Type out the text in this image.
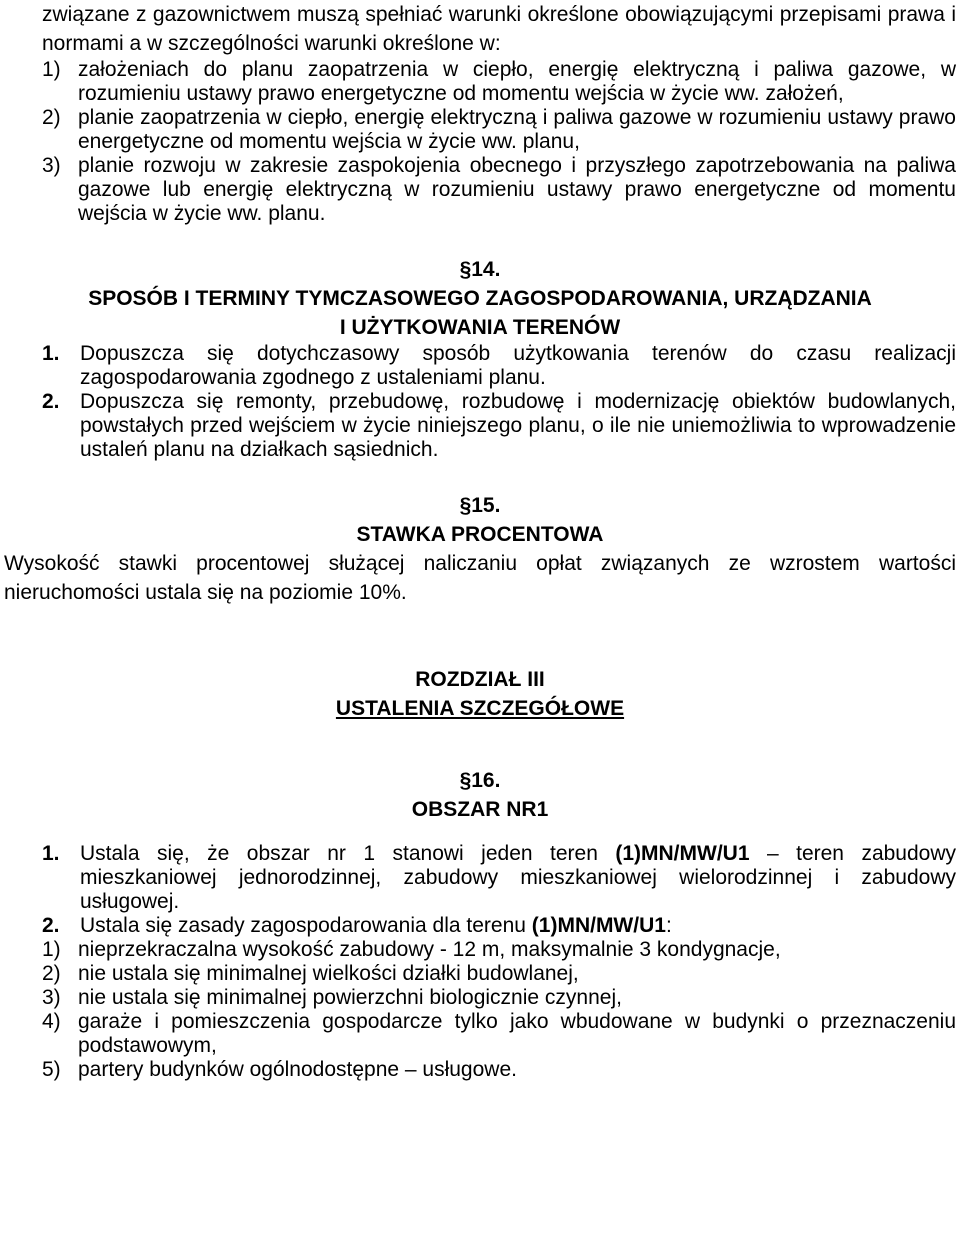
związane z gazownictwem muszą spełniać warunki określone obowiązującymi przepisami prawa i normami a w szczególności warunki określone w:

1) założeniach do planu zaopatrzenia w ciepło, energię elektryczną i paliwa gazowe, w rozumieniu ustawy prawo energetyczne od momentu wejścia w życie ww. założeń,
2) planie zaopatrzenia w ciepło, energię elektryczną i paliwa gazowe w rozumieniu ustawy prawo energetyczne od momentu wejścia w życie ww. planu,
3) planie rozwoju w zakresie zaspokojenia obecnego i przyszłego zapotrzebowania na paliwa gazowe lub energię elektryczną w rozumieniu ustawy prawo energetyczne od momentu wejścia w życie ww. planu.

§14.

SPOSÓB I TERMINY TYMCZASOWEGO ZAGOSPODAROWANIA, URZĄDZANIA

I UŻYTKOWANIA TERENÓW

1. Dopuszcza się dotychczasowy sposób użytkowania terenów do czasu realizacji zagospodarowania zgodnego z ustaleniami planu.
2. Dopuszcza się remonty, przebudowę, rozbudowę i modernizację obiektów budowlanych, powstałych przed wejściem w życie niniejszego planu, o ile nie uniemożliwia to wprowadzenie ustaleń planu na działkach sąsiednich.

§15.

STAWKA PROCENTOWA

Wysokość stawki procentowej służącej naliczaniu opłat związanych ze wzrostem wartości nieruchomości ustala się na poziomie 10%.

ROZDZIAŁ III

USTALENIA SZCZEGÓŁOWE

§16.

OBSZAR NR1

1. Ustala się, że obszar nr 1 stanowi jeden teren (1)MN/MW/U1 – teren zabudowy mieszkaniowej jednorodzinnej, zabudowy mieszkaniowej wielorodzinnej i zabudowy usługowej.
2. Ustala się zasady zagospodarowania dla terenu (1)MN/MW/U1:
1) nieprzekraczalna wysokość zabudowy - 12 m, maksymalnie 3 kondygnacje,
2) nie ustala się minimalnej wielkości działki budowlanej,
3) nie ustala się minimalnej powierzchni biologicznie czynnej,
4) garaże i pomieszczenia gospodarcze tylko jako wbudowane w budynki o przeznaczeniu podstawowym,
5) partery budynków ogólnodostępne – usługowe.
